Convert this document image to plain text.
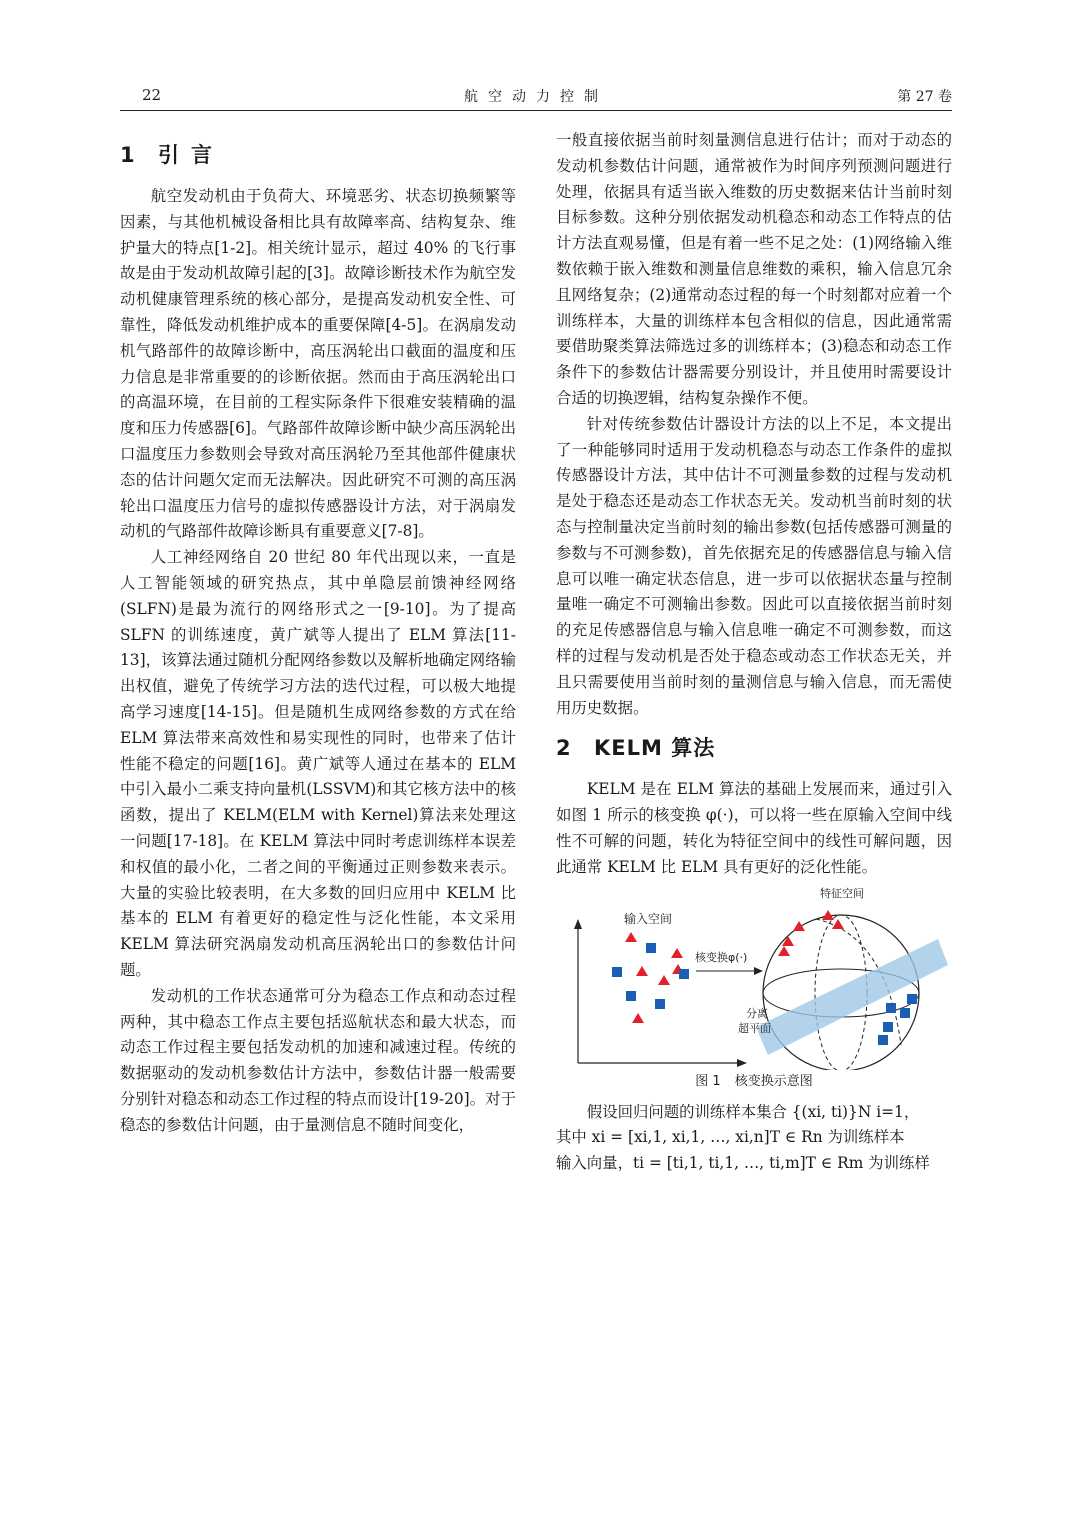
22	航空动力控制	第 27 卷
1 引言

航空发动机由于负荷大、环境恶劣、状态切换频繁等因素，与其他机械设备相比具有故障率高、结构复杂、维护量大的特点[1-2]。相关统计显示，超过 40% 的飞行事故是由于发动机故障引起的[3]。故障诊断技术作为航空发动机健康管理系统的核心部分，是提高发动机安全性、可靠性，降低发动机维护成本的重要保障[4-5]。在涡扇发动机气路部件的故障诊断中，高压涡轮出口截面的温度和压力信息是非常重要的的诊断依据。然而由于高压涡轮出口的高温环境，在目前的工程实际条件下很难安装精确的温度和压力传感器[6]。气路部件故障诊断中缺少高压涡轮出口温度压力参数则会导致对高压涡轮乃至其他部件健康状态的估计问题欠定而无法解决。因此研究不可测的高压涡轮出口温度压力信号的虚拟传感器设计方法，对于涡扇发动机的气路部件故障诊断具有重要意义[7-8]。

人工神经网络自 20 世纪 80 年代出现以来，一直是人工智能领域的研究热点，其中单隐层前馈神经网络(SLFN)是最为流行的网络形式之一[9-10]。为了提高 SLFN 的训练速度，黄广斌等人提出了 ELM 算法[11-13]，该算法通过随机分配网络参数以及解析地确定网络输出权值，避免了传统学习方法的迭代过程，可以极大地提高学习速度[14-15]。但是随机生成网络参数的方式在给 ELM 算法带来高效性和易实现性的同时，也带来了估计性能不稳定的问题[16]。黄广斌等人通过在基本的 ELM 中引入最小二乘支持向量机(LSSVM)和其它核方法中的核函数，提出了 KELM(ELM with Kernel)算法来处理这一问题[17-18]。在 KELM 算法中同时考虑训练样本误差和权值的最小化，二者之间的平衡通过正则参数来表示。大量的实验比较表明，在大多数的回归应用中 KELM 比基本的 ELM 有着更好的稳定性与泛化性能，本文采用 KELM 算法研究涡扇发动机高压涡轮出口的参数估计问题。

发动机的工作状态通常可分为稳态工作点和动态过程两种，其中稳态工作点主要包括巡航状态和最大状态，而动态工作过程主要包括发动机的加速和减速过程。传统的数据驱动的发动机参数估计方法中，参数估计器一般需要分别针对稳态和动态工作过程的特点而设计[19-20]。对于稳态的参数估计问题，由于量测信息不随时间变化，

一般直接依据当前时刻量测信息进行估计；而对于动态的发动机参数估计问题，通常被作为时间序列预测问题进行处理，依据具有适当嵌入维数的历史数据来估计当前时刻目标参数。这种分别依据发动机稳态和动态工作特点的估计方法直观易懂，但是有着一些不足之处：(1)网络输入维数依赖于嵌入维数和测量信息维数的乘积，输入信息冗余且网络复杂；(2)通常动态过程的每一个时刻都对应着一个训练样本，大量的训练样本包含相似的信息，因此通常需要借助聚类算法筛选过多的训练样本；(3)稳态和动态工作条件下的参数估计器需要分别设计，并且使用时需要设计合适的切换逻辑，结构复杂操作不便。

针对传统参数估计器设计方法的以上不足，本文提出了一种能够同时适用于发动机稳态与动态工作条件的虚拟传感器设计方法，其中估计不可测量参数的过程与发动机是处于稳态还是动态工作状态无关。发动机当前时刻的状态与控制量决定当前时刻的输出参数(包括传感器可测量的参数与不可测参数)，首先依据充足的传感器信息与输入信息可以唯一确定状态信息，进一步可以依据状态量与控制量唯一确定不可测输出参数。因此可以直接依据当前时刻的充足传感器信息与输入信息唯一确定不可测参数，而这样的过程与发动机是否处于稳态或动态工作状态无关，并且只需要使用当前时刻的量测信息与输入信息，而无需使用历史数据。

2 KELM 算法

KELM 是在 ELM 算法的基础上发展而来，通过引入如图 1 所示的核变换 φ(·)，可以将一些在原输入空间中线性不可解的问题，转化为特征空间中的线性可解问题，因此通常 KELM 比 ELM 具有更好的泛化性能。

输入空间
核变换φ(·)
特征空间
分离
超平面
图 1 核变换示意图

假设回归问题的训练样本集合 {(xi, ti)}N i=1，

其中 xi = [xi,1, xi,1, …, xi,n]T ∈ Rn 为训练样本

输入向量，ti = [ti,1, ti,1, …, ti,m]T ∈ Rm 为训练样
